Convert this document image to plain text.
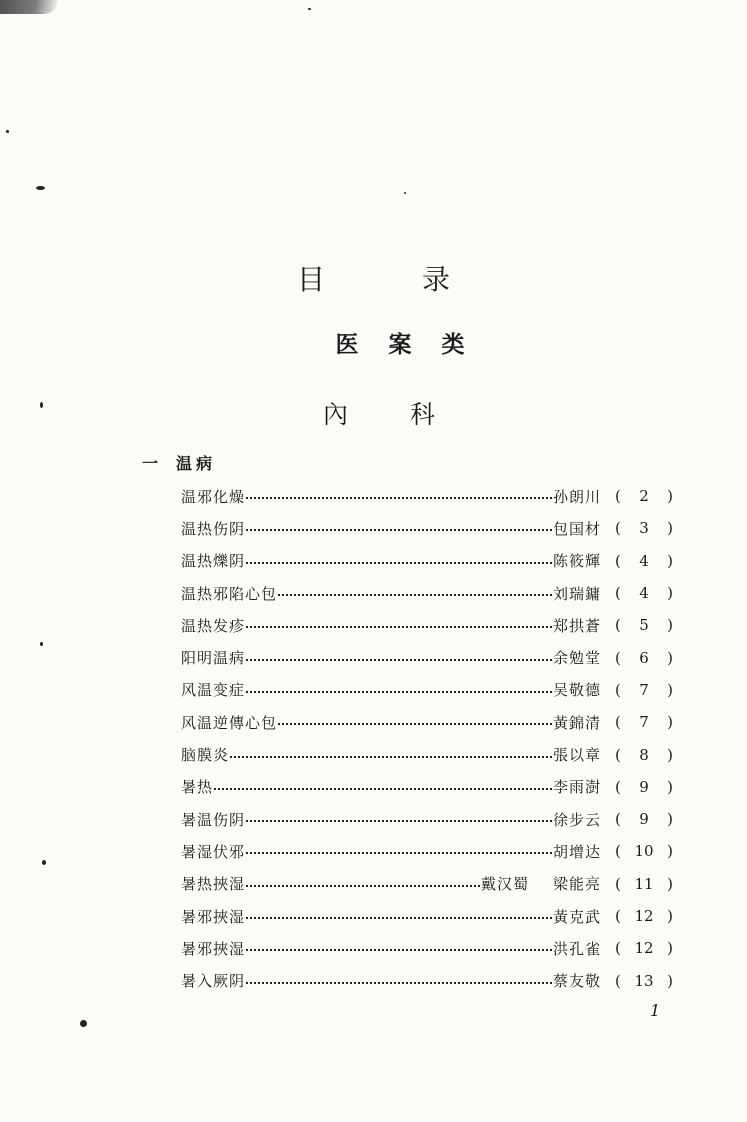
目 录
医案类
內科
一 温病
温邪化燥	孙朗川 (	2	)
温热伤阴	包国材 (	3	)
温热爍阴	陈筱輝 (	4	)
温热邪陷心包	刘瑞鏞 (	4	)
温热发疹	郑拱蒼 (	5	)
阳明温病	余勉堂 (	6	)
风温变症	吴敬德 (	7	)
风温逆傳心包	黃錦清 (	7	)
脑膜炎	張以章 (	8	)
暑热	李雨澍 (	9	)
暑温伤阴	徐步云 (	9	)
暑湿伏邪	胡增达 ( 10 )
暑热挾湿	戴汉蜀 梁能亮 ( 11 )
暑邪挾湿	黃克武 ( 12 )
暑邪挾湿	洪孔雀 ( 12 )
暑入厥阴	蔡友敬 ( 13 )
1
